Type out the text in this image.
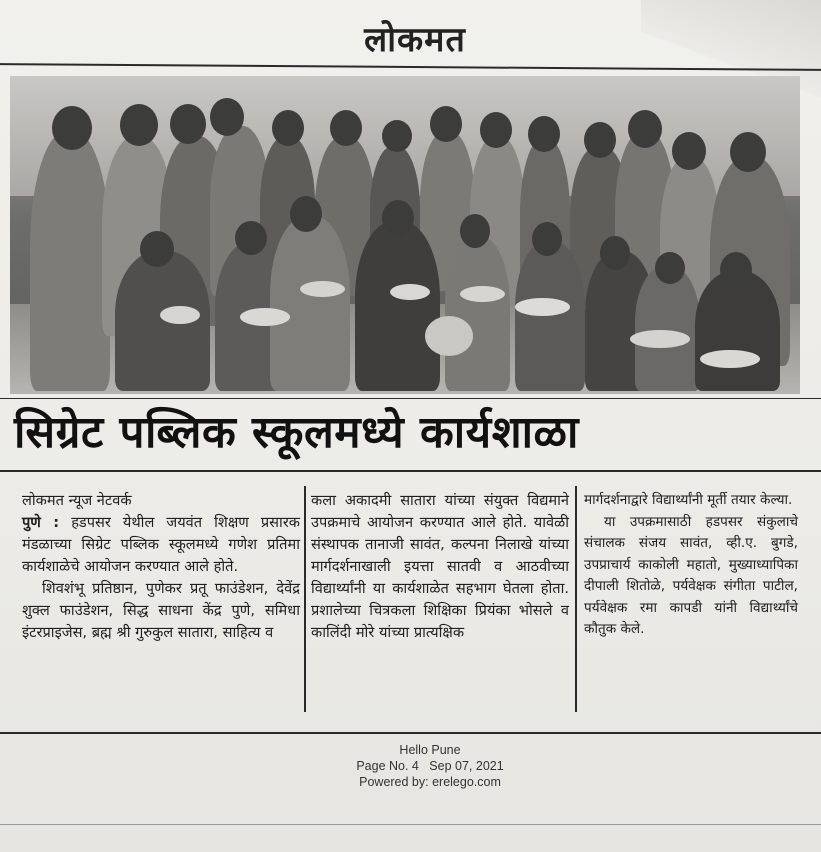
लोकमत
सिग्रेट पब्लिक स्कूलमध्ये कार्यशाळा

लोकमत न्यूज नेटवर्क

पुणे : हडपसर येथील जयवंत शिक्षण प्रसारक मंडळाच्या सिग्रेट पब्लिक स्कूलमध्ये गणेश प्रतिमा कार्यशाळेचे आयोजन करण्यात आले होते.

शिवशंभू प्रतिष्ठान, पुणेकर प्रतू फाउंडेशन, देवेंद्र शुक्ल फाउंडेशन, सिद्ध साधना केंद्र पुणे, समिधा इंटरप्राइजेस, ब्रह्म श्री गुरुकुल सातारा, साहित्य व

कला अकादमी सातारा यांच्या संयुक्त विद्यमाने उपक्रमाचे आयोजन करण्यात आले होते. यावेळी संस्थापक तानाजी सावंत, कल्पना निलाखे यांच्या मार्गदर्शनाखाली इयत्ता सातवी व आठवीच्या विद्यार्थ्यांनी या कार्यशाळेत सहभाग घेतला होता. प्रशालेच्या चित्रकला शिक्षिका प्रियंका भोसले व कालिंदी मोरे यांच्या प्रात्यक्षिक

मार्गदर्शनाद्वारे विद्यार्थ्यांनी मूर्ती तयार केल्या.

या उपक्रमासाठी हडपसर संकुलाचे संचालक संजय सावंत, व्ही.ए. बुगडे, उपप्राचार्य काकोली महातो, मुख्याध्यापिका दीपाली शितोळे, पर्यवेक्षक संगीता पाटील, पर्यवेक्षक रमा कापडी यांनी विद्यार्थ्यांचे कौतुक केले.

Hello Pune
Page No. 4 Sep 07, 2021
Powered by: erelego.com
